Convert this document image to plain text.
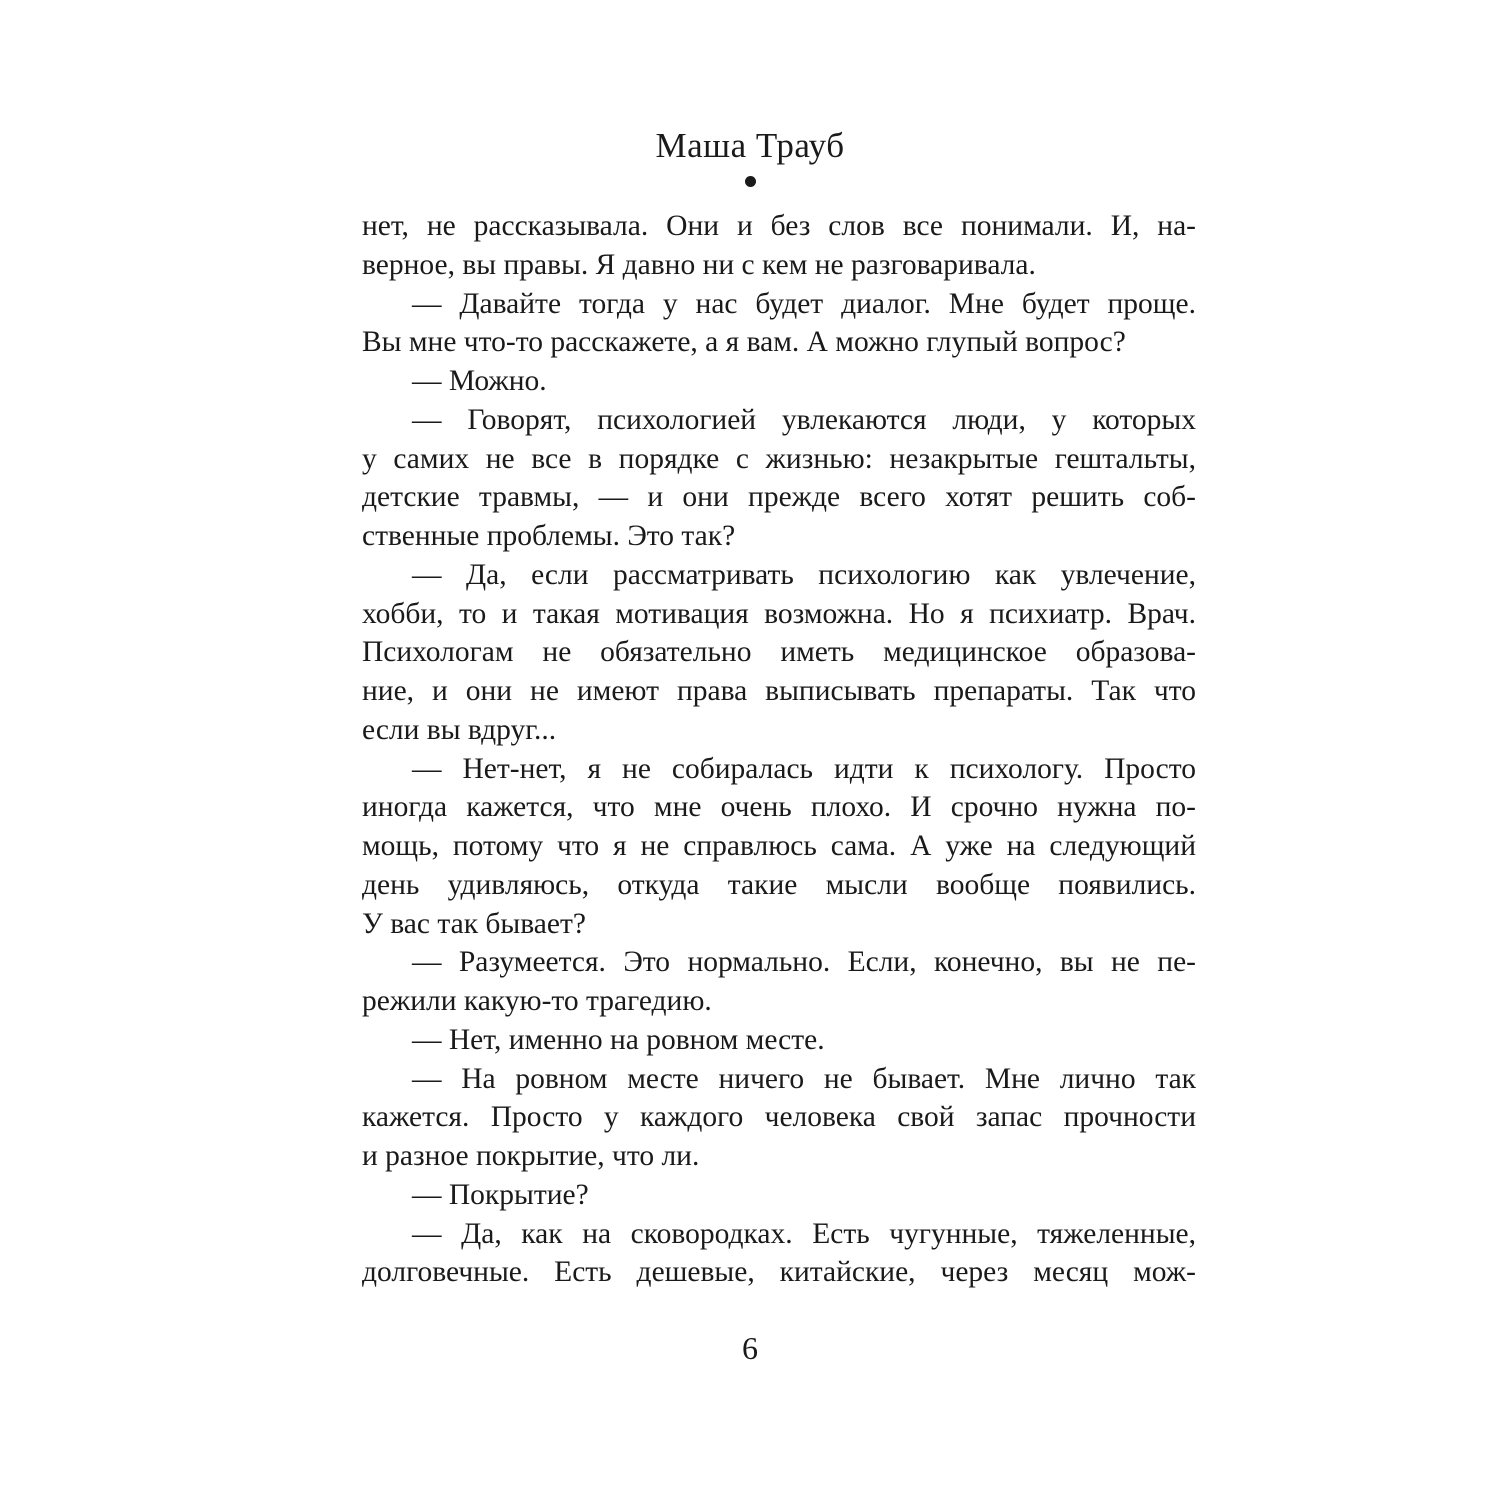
Маша Трауб
нет, не рассказывала. Они и без слов все понимали. И, на-
верное, вы правы. Я давно ни с кем не разговаривала.
— Давайте тогда у нас будет диалог. Мне будет проще.
Вы мне что-то расскажете, а я вам. А можно глупый вопрос?
— Можно.
— Говорят, психологией увлекаются люди, у которых
у самих не все в порядке с жизнью: незакрытые гештальты,
детские травмы, — и они прежде всего хотят решить соб-
ственные проблемы. Это так?
— Да, если рассматривать психологию как увлечение,
хобби, то и такая мотивация возможна. Но я психиатр. Врач.
Психологам не обязательно иметь медицинское образова-
ние, и они не имеют права выписывать препараты. Так что
если вы вдруг...
— Нет-нет, я не собиралась идти к психологу. Просто
иногда кажется, что мне очень плохо. И срочно нужна по-
мощь, потому что я не справлюсь сама. А уже на следующий
день удивляюсь, откуда такие мысли вообще появились.
У вас так бывает?
— Разумеется. Это нормально. Если, конечно, вы не пе-
режили какую-то трагедию.
— Нет, именно на ровном месте.
— На ровном месте ничего не бывает. Мне лично так
кажется. Просто у каждого человека свой запас прочности
и разное покрытие, что ли.
— Покрытие?
— Да, как на сковородках. Есть чугунные, тяжеленные,
долговечные. Есть дешевые, китайские, через месяц мож-
6
